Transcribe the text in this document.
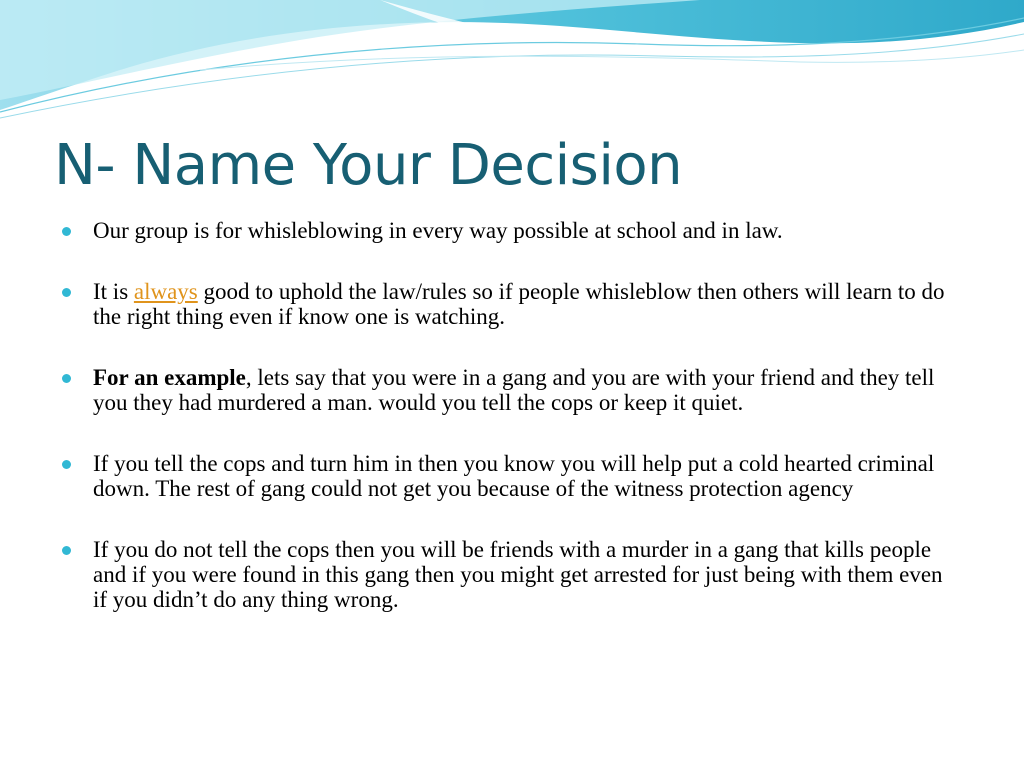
N- Name Your Decision
Our group is for whisleblowing in every way possible at school and in law.
It is always good to uphold the law/rules so if people whisleblow then others will learn to do the right thing even if know one is watching.
For an example, lets say that you were in a gang and you are with your friend and they tell you they had murdered a man. would you tell the cops or keep it quiet.
If you tell the cops and turn him in then you know you will help put a cold hearted criminal down. The rest of gang could not get you because of the witness protection agency
If you do not tell the cops then you will be friends with a murder in a gang that kills people and if you were found in this gang then you might get arrested for just being with them even if you didn’t do any thing wrong.
